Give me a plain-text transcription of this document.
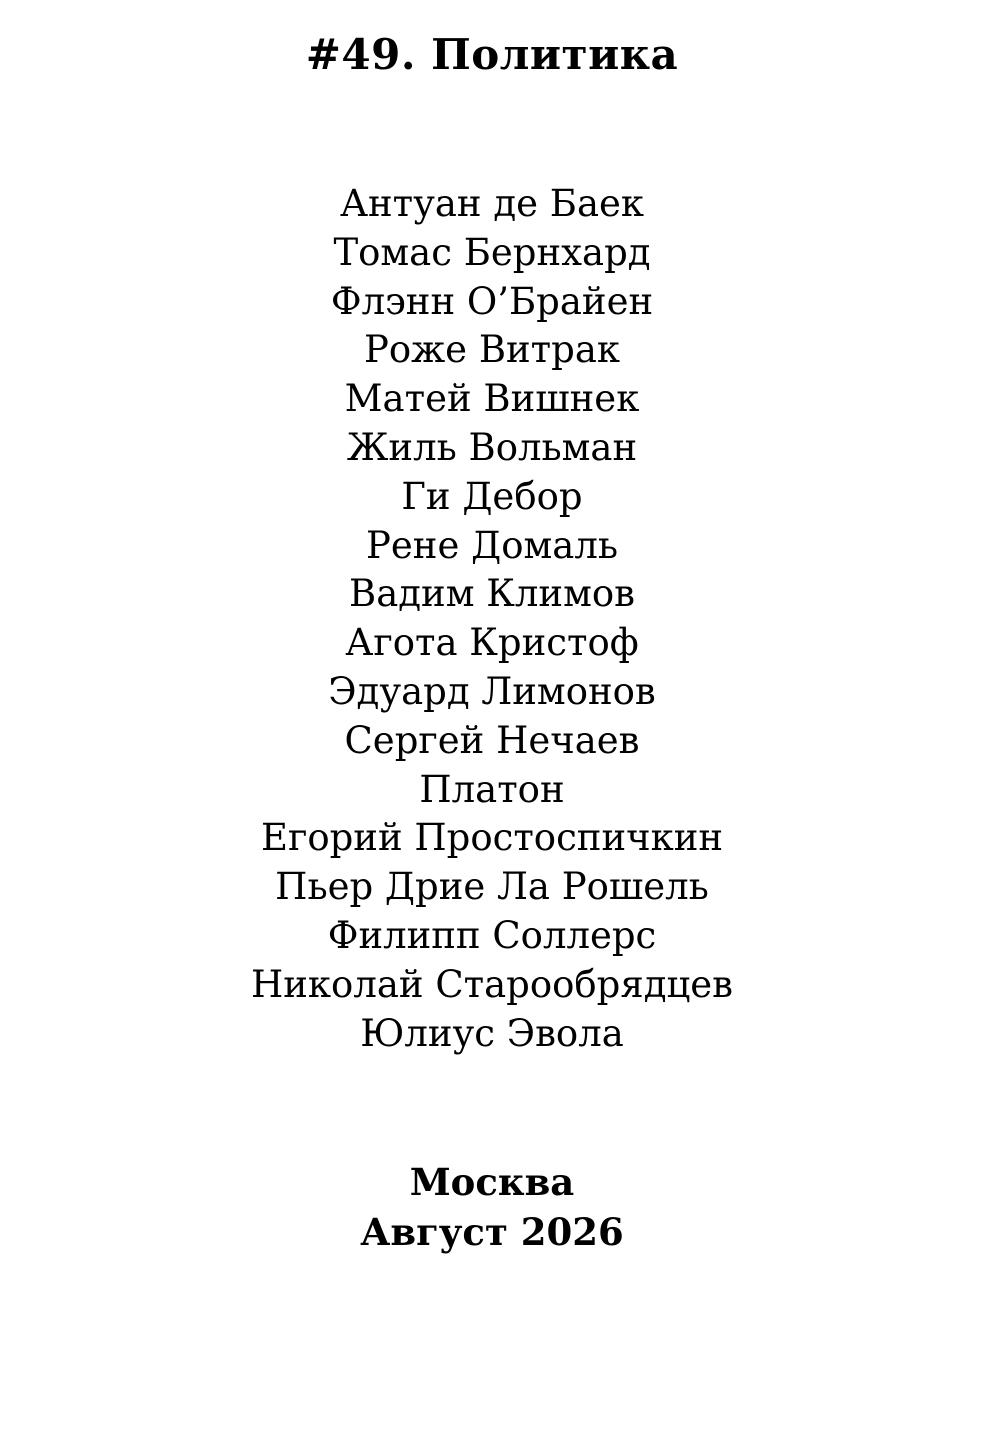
#49. Политика
Антуан де Баек
Томас Бернхард
Флэнн О’Брайен
Роже Витрак
Матей Вишнек
Жиль Вольман
Ги Дебор
Рене Домаль
Вадим Климов
Агота Кристоф
Эдуард Лимонов
Сергей Нечаев
Платон
Егорий Простоспичкин
Пьер Дрие Ла Рошель
Филипп Соллерс
Николай Старообрядцев
Юлиус Эвола
Москва
Август 2026
